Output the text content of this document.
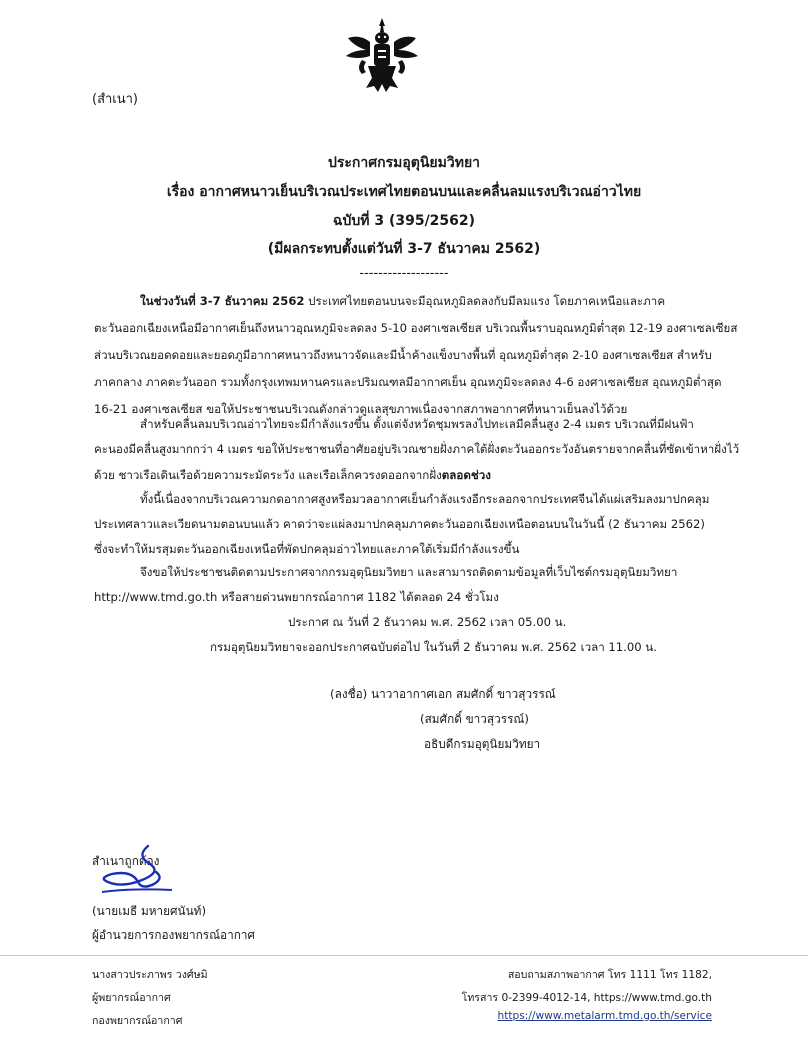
(สำเนา)
ประกาศกรมอุตุนิยมวิทยา
เรื่อง อากาศหนาวเย็นบริเวณประเทศไทยตอนบนและคลื่นลมแรงบริเวณอ่าวไทย
ฉบับที่ 3 (395/2562)
(มีผลกระทบตั้งแต่วันที่ 3-7 ธันวาคม 2562)
-------------------
ในช่วงวันที่ 3-7 ธันวาคม 2562 ประเทศไทยตอนบนจะมีอุณหภูมิลดลงกับมีลมแรง โดยภาคเหนือและภาค
ตะวันออกเฉียงเหนือมีอากาศเย็นถึงหนาวอุณหภูมิจะลดลง 5-10 องศาเซลเซียส บริเวณพื้นราบอุณหภูมิต่ำสุด 12-19 องศาเซลเซียส
ส่วนบริเวณยอดดอยและยอดภูมีอากาศหนาวถึงหนาวจัดและมีน้ำค้างแข็งบางพื้นที่ อุณหภูมิต่ำสุด 2-10 องศาเซลเซียส สำหรับ
ภาคกลาง ภาคตะวันออก รวมทั้งกรุงเทพมหานครและปริมณฑลมีอากาศเย็น อุณหภูมิจะลดลง 4-6 องศาเซลเซียส อุณหภูมิต่ำสุด
16-21 องศาเซลเซียส ขอให้ประชาชนบริเวณดังกล่าวดูแลสุขภาพเนื่องจากสภาพอากาศที่หนาวเย็นลงไว้ด้วย
สำหรับคลื่นลมบริเวณอ่าวไทยจะมีกำลังแรงขึ้น ตั้งแต่จังหวัดชุมพรลงไปทะเลมีคลื่นสูง 2-4 เมตร บริเวณที่มีฝนฟ้า
คะนองมีคลื่นสูงมากกว่า 4 เมตร ขอให้ประชาชนที่อาศัยอยู่บริเวณชายฝั่งภาคใต้ฝั่งตะวันออกระวังอันตรายจากคลื่นที่ซัดเข้าหาฝั่งไว้
ด้วย ชาวเรือเดินเรือด้วยความระมัดระวัง และเรือเล็กควรงดออกจากฝั่งตลอดช่วง
ทั้งนี้เนื่องจากบริเวณความกดอากาศสูงหรือมวลอากาศเย็นกำลังแรงอีกระลอกจากประเทศจีนได้แผ่เสริมลงมาปกคลุม
ประเทศลาวและเวียดนามตอนบนแล้ว คาดว่าจะแผ่ลงมาปกคลุมภาคตะวันออกเฉียงเหนือตอนบนในวันนี้ (2 ธันวาคม 2562)
ซึ่งจะทำให้มรสุมตะวันออกเฉียงเหนือที่พัดปกคลุมอ่าวไทยและภาคใต้เริ่มมีกำลังแรงขึ้น
จึงขอให้ประชาชนติดตามประกาศจากกรมอุตุนิยมวิทยา และสามารถติดตามข้อมูลที่เว็บไซต์กรมอุตุนิยมวิทยา
http://www.tmd.go.th หรือสายด่วนพยากรณ์อากาศ 1182 ได้ตลอด 24 ชั่วโมง
ประกาศ ณ วันที่ 2 ธันวาคม พ.ศ. 2562 เวลา 05.00 น.
กรมอุตุนิยมวิทยาจะออกประกาศฉบับต่อไป ในวันที่ 2 ธันวาคม พ.ศ. 2562 เวลา 11.00 น.
(ลงชื่อ) นาวาอากาศเอก สมศักดิ์ ขาวสุวรรณ์
(สมศักดิ์ ขาวสุวรรณ์)
อธิบดีกรมอุตุนิยมวิทยา
สำเนาถูกต้อง
(นายเมธี มหายศนันท์)
ผู้อำนวยการกองพยากรณ์อากาศ
นางสาวประภาพร วงศ์ษมิ
ผู้พยากรณ์อากาศ
กองพยากรณ์อากาศ
สอบถามสภาพอากาศ โทร 1111 โทร 1182,
โทรสาร 0-2399-4012-14, https://www.tmd.go.th
https://www.metalarm.tmd.go.th/service
